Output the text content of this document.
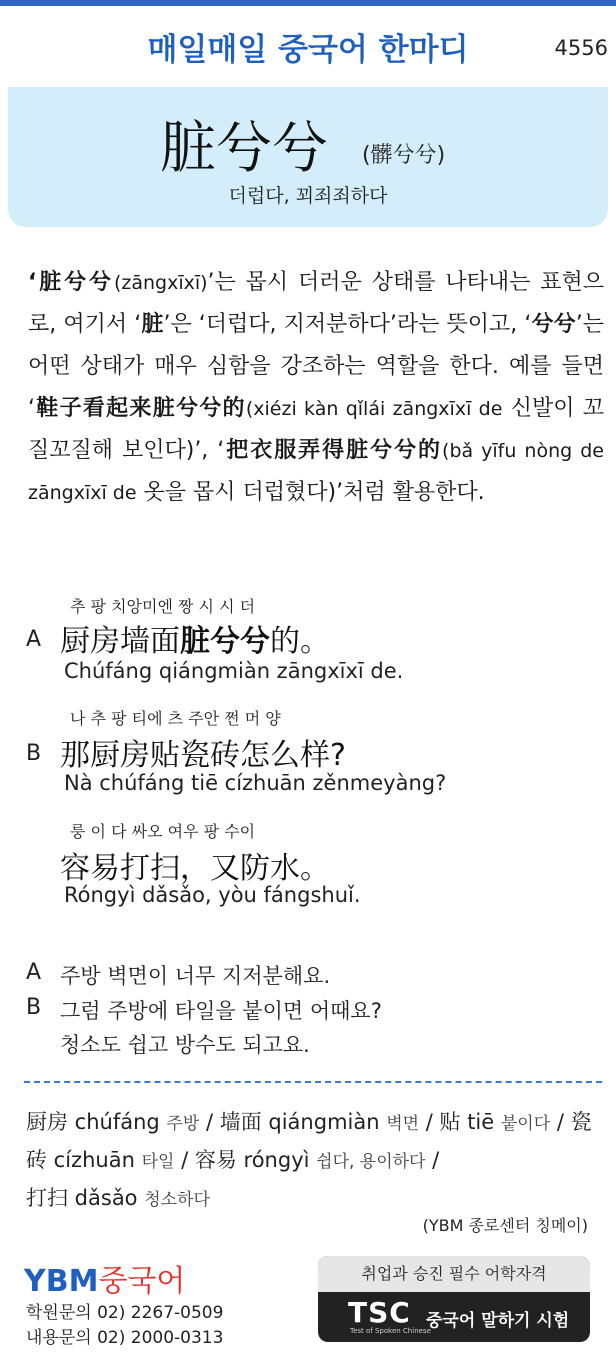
매일매일 중국어 한마디	4556
脏兮兮 (髒兮兮)
더럽다, 꾀죄죄하다
‘脏兮兮(zāngxīxī)’는 몹시 더러운 상태를 나타내는 표현으로, 여기서 ‘脏’은 ‘더럽다, 지저분하다’라는 뜻이고, ‘兮兮’는 어떤 상태가 매우 심함을 강조하는 역할을 한다. 예를 들면 ‘鞋子看起来脏兮兮的(xiézi kàn qǐlái zāngxīxī de 신발이 꼬질꼬질해 보인다)’, ‘把衣服弄得脏兮兮的(bǎ yīfu nòng de zāngxīxī de 옷을 몹시 더럽혔다)’처럼 활용한다.
추 팡 치앙미엔 짱 시 시 더
A 厨房墙面脏兮兮的。
Chúfáng qiángmiàn zāngxīxī de.
나 추 팡 티에 츠 주안 쩐 머 양
B 那厨房贴瓷砖怎么样?
Nà chúfáng tiē cízhuān zěnmeyàng?
룽 이 다 싸오 여우 팡 수이
容易打扫，又防水。
Róngyì dǎsǎo, yòu fángshuǐ.
A 주방 벽면이 너무 지저분해요.
B 그럼 주방에 타일을 붙이면 어때요?
청소도 쉽고 방수도 되고요.
厨房 chúfáng 주방 / 墙面 qiángmiàn 벽면 / 贴 tiē 붙이다 / 瓷砖 cízhuān 타일 / 容易 róngyì 쉽다, 용이하다 /
打扫 dǎsǎo 청소하다
(YBM 종로센터 칭메이)
YBM중국어
학원문의 02) 2267-0509
내용문의 02) 2000-0313
취업과 승진 필수 어학자격
TSC
Test of Spoken Chinese
중국어 말하기 시험
